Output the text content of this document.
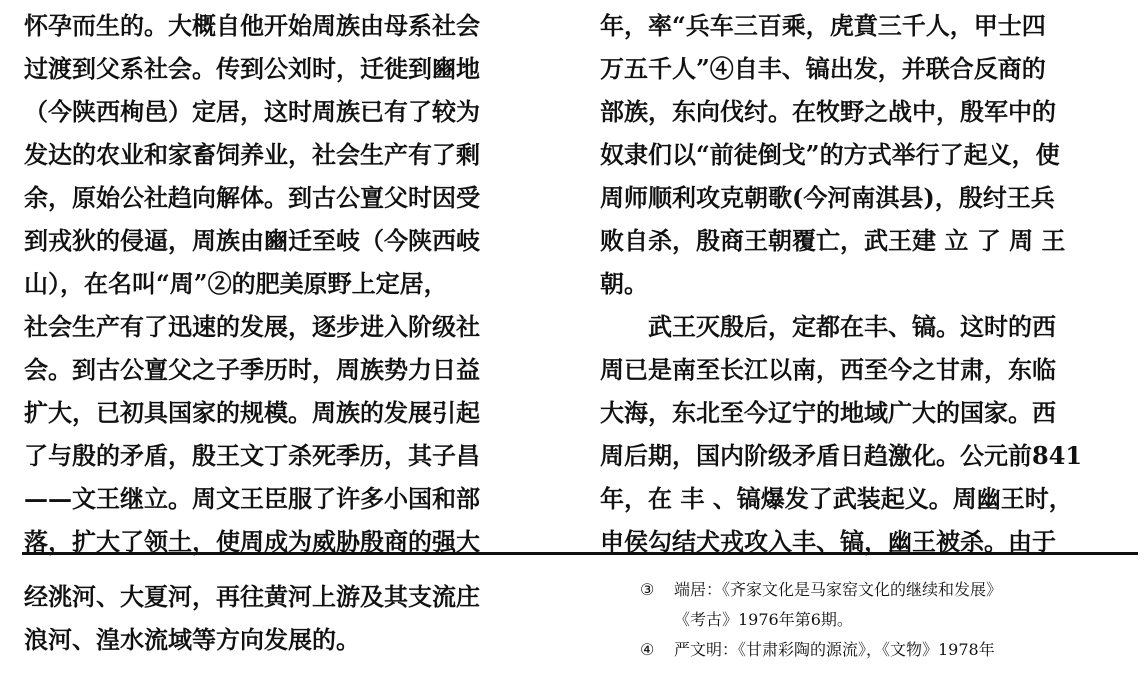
怀孕而生的。大概自他开始周族由母系社会
过渡到父系社会。传到公刘时，迁徙到豳地
（今陕西栒邑）定居，这时周族已有了较为
发达的农业和家畜饲养业，社会生产有了剩
余，原始公社趋向解体。到古公亶父时因受
到戎狄的侵逼，周族由豳迁至岐（今陕西岐
山），在名叫“周”②的肥美原野上定居，
社会生产有了迅速的发展，逐步进入阶级社
会。到古公亶父之子季历时，周族势力日益
扩大，已初具国家的规模。周族的发展引起
了与殷的矛盾，殷王文丁杀死季历，其子昌
——文王继立。周文王臣服了许多小国和部
落，扩大了领土，使周成为威胁殷商的强大
年，率“兵车三百乘，虎賁三千人，甲士四
万五千人”④自丰、镐出发，并联合反商的
部族，东向伐纣。在牧野之战中，殷军中的
奴隶们以“前徒倒戈”的方式举行了起义，使
周师顺利攻克朝歌(今河南淇县)，殷纣王兵
败自杀，殷商王朝覆亡，武王建 立 了 周 王
朝。
武王灭殷后，定都在丰、镐。这时的西
周已是南至长江以南，西至今之甘肃，东临
大海，东北至今辽宁的地域广大的国家。西
周后期，国内阶级矛盾日趋激化。公元前841
年，在 丰 、镐爆发了武装起义。周幽王时，
申侯勾结犬戎攻入丰、镐，幽王被杀。由于
经洮河、大夏河，再往黄河上游及其支流庄
浪河、湟水流域等方向发展的。
③	端居：《齐家文化是马家窑文化的继续和发展》
《考古》1976年第6期。
④	严文明：《甘肃彩陶的源流》，《文物》1978年
